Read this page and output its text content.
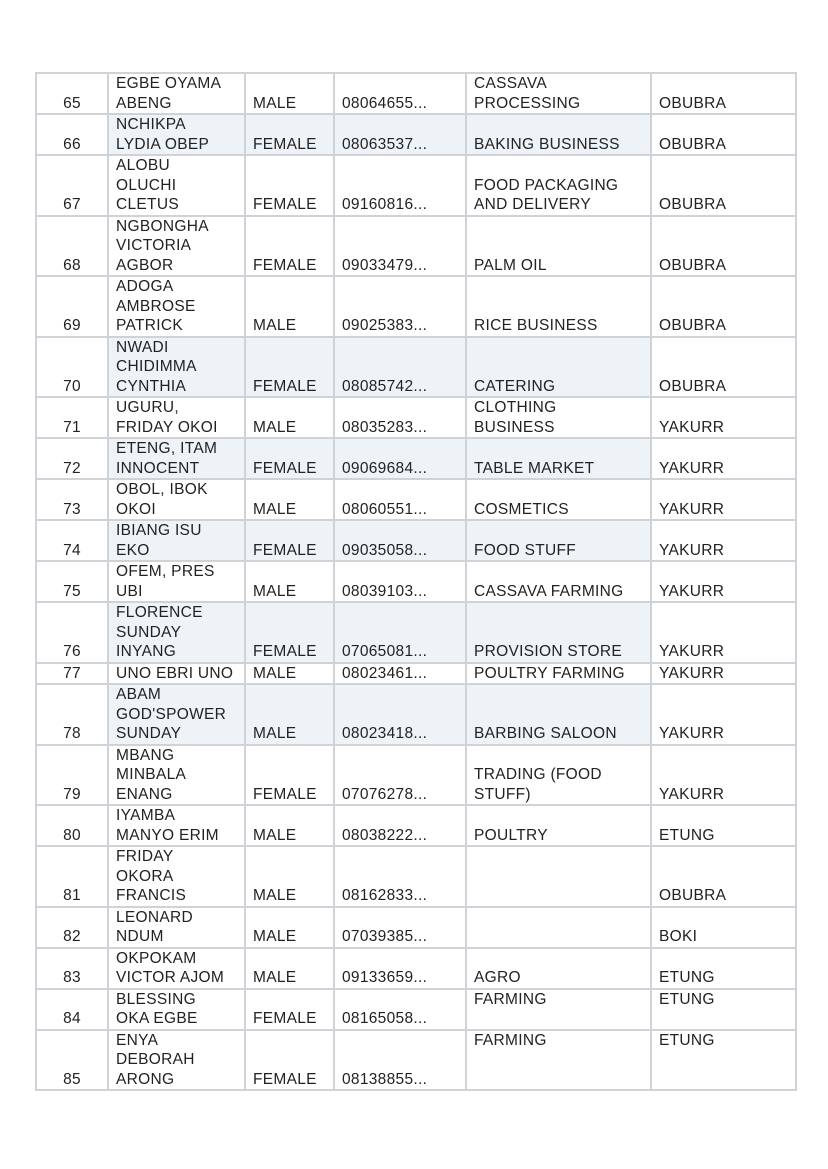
65	EGBE OYAMA
ABENG	MALE	08064655...	CASSAVA
PROCESSING	OBUBRA
66	NCHIKPA
LYDIA OBEP	FEMALE	08063537...	BAKING BUSINESS	OBUBRA
67	ALOBU
OLUCHI
CLETUS	FEMALE	09160816...	FOOD PACKAGING
AND DELIVERY	OBUBRA
68	NGBONGHA
VICTORIA
AGBOR	FEMALE	09033479...	PALM OIL	OBUBRA
69	ADOGA
AMBROSE
PATRICK	MALE	09025383...	RICE BUSINESS	OBUBRA
70	NWADI
CHIDIMMA
CYNTHIA	FEMALE	08085742...	CATERING	OBUBRA
71	UGURU,
FRIDAY OKOI	MALE	08035283...	CLOTHING
BUSINESS	YAKURR
72	ETENG, ITAM
INNOCENT	FEMALE	09069684...	TABLE MARKET	YAKURR
73	OBOL, IBOK
OKOI	MALE	08060551...	COSMETICS	YAKURR
74	IBIANG ISU
EKO	FEMALE	09035058...	FOOD STUFF	YAKURR
75	OFEM, PRES
UBI	MALE	08039103...	CASSAVA FARMING	YAKURR
76	FLORENCE
SUNDAY
INYANG	FEMALE	07065081...	PROVISION STORE	YAKURR
77	UNO EBRI UNO	MALE	08023461...	POULTRY FARMING	YAKURR
78	ABAM
GOD'SPOWER
SUNDAY	MALE	08023418...	BARBING SALOON	YAKURR
79	MBANG
MINBALA
ENANG	FEMALE	07076278...	TRADING (FOOD
STUFF)	YAKURR
80	IYAMBA
MANYO ERIM	MALE	08038222...	POULTRY	ETUNG
81	FRIDAY
OKORA
FRANCIS	MALE	08162833...		OBUBRA
82	LEONARD
NDUM	MALE	07039385...		BOKI
83	OKPOKAM
VICTOR AJOM	MALE	09133659...	AGRO	ETUNG
84	BLESSING
OKA EGBE	FEMALE	08165058...	FARMING	ETUNG
85	ENYA
DEBORAH
ARONG	FEMALE	08138855...	FARMING	ETUNG
